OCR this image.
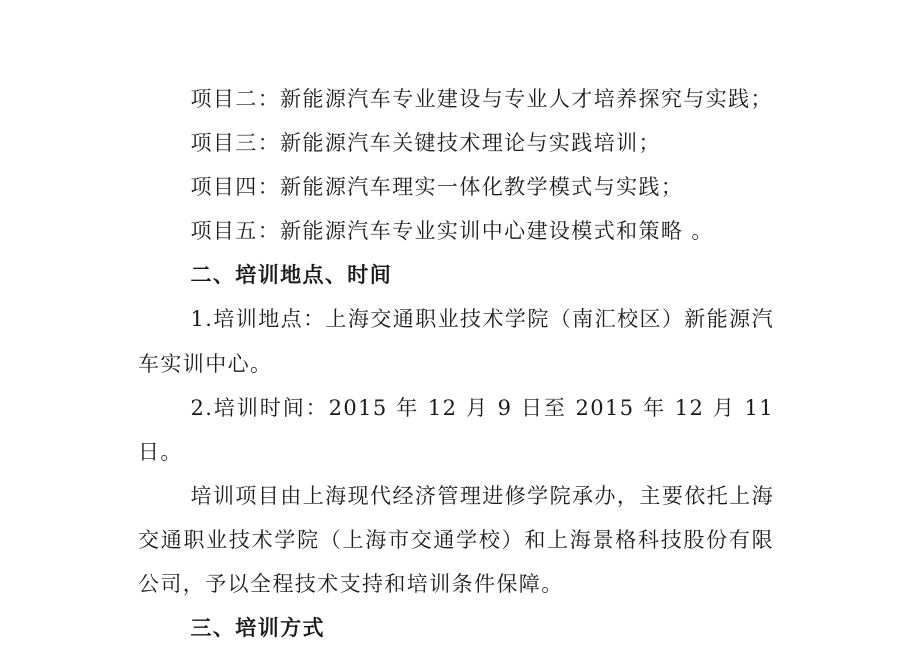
项目二：新能源汽车专业建设与专业人才培养探究与实践；

项目三：新能源汽车关键技术理论与实践培训；

项目四：新能源汽车理实一体化教学模式与实践；

项目五：新能源汽车专业实训中心建设模式和策略 。

二、培训地点、时间

1.培训地点：上海交通职业技术学院（南汇校区）新能源汽车实训中心。

2.培训时间：2015 年 12 月 9 日至 2015 年 12 月 11 日。

培训项目由上海现代经济管理进修学院承办，主要依托上海交通职业技术学院（上海市交通学校）和上海景格科技股份有限公司，予以全程技术支持和培训条件保障。

三、培训方式
